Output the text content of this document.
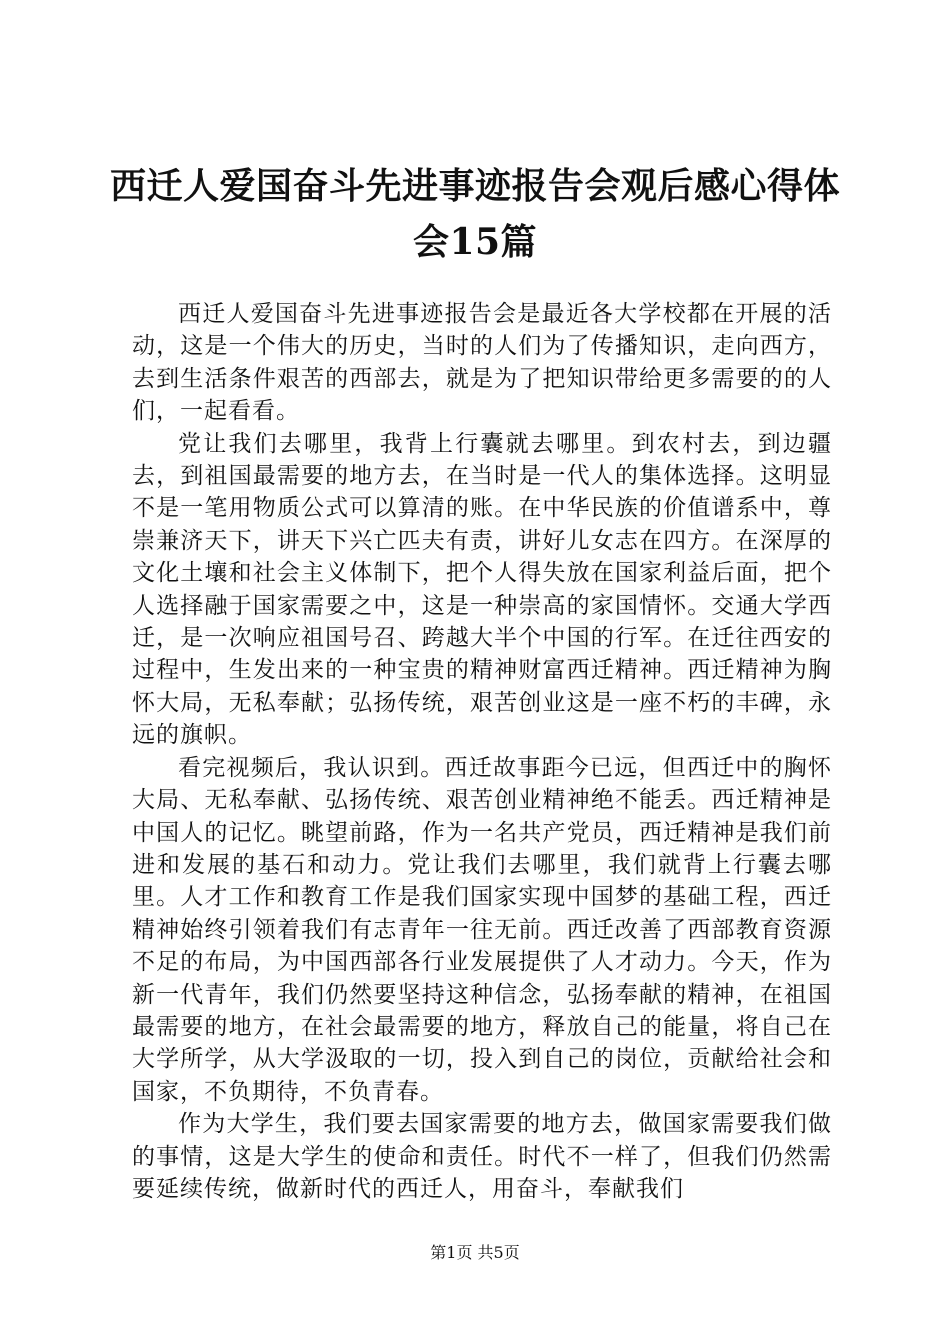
西迁人爱国奋斗先进事迹报告会观后感心得体会15篇

西迁人爱国奋斗先进事迹报告会是最近各大学校都在开展的活动，这是一个伟大的历史，当时的人们为了传播知识，走向西方，去到生活条件艰苦的西部去，就是为了把知识带给更多需要的的人们，一起看看。

党让我们去哪里，我背上行囊就去哪里。到农村去，到边疆去，到祖国最需要的地方去，在当时是一代人的集体选择。这明显不是一笔用物质公式可以算清的账。在中华民族的价值谱系中，尊崇兼济天下，讲天下兴亡匹夫有责，讲好儿女志在四方。在深厚的文化土壤和社会主义体制下，把个人得失放在国家利益后面，把个人选择融于国家需要之中，这是一种崇高的家国情怀。交通大学西迁，是一次响应祖国号召、跨越大半个中国的行军。在迁往西安的过程中，生发出来的一种宝贵的精神财富西迁精神。西迁精神为胸怀大局，无私奉献；弘扬传统，艰苦创业这是一座不朽的丰碑，永远的旗帜。

看完视频后，我认识到。西迁故事距今已远，但西迁中的胸怀大局、无私奉献、弘扬传统、艰苦创业精神绝不能丢。西迁精神是中国人的记忆。眺望前路，作为一名共产党员，西迁精神是我们前进和发展的基石和动力。党让我们去哪里，我们就背上行囊去哪里。人才工作和教育工作是我们国家实现中国梦的基础工程，西迁精神始终引领着我们有志青年一往无前。西迁改善了西部教育资源不足的布局，为中国西部各行业发展提供了人才动力。今天，作为新一代青年，我们仍然要坚持这种信念，弘扬奉献的精神，在祖国最需要的地方，在社会最需要的地方，释放自己的能量，将自己在大学所学，从大学汲取的一切，投入到自己的岗位，贡献给社会和国家，不负期待，不负青春。

作为大学生，我们要去国家需要的地方去，做国家需要我们做的事情，这是大学生的使命和责任。时代不一样了，但我们仍然需要延续传统，做新时代的西迁人，用奋斗，奉献我们

第1页 共5页
